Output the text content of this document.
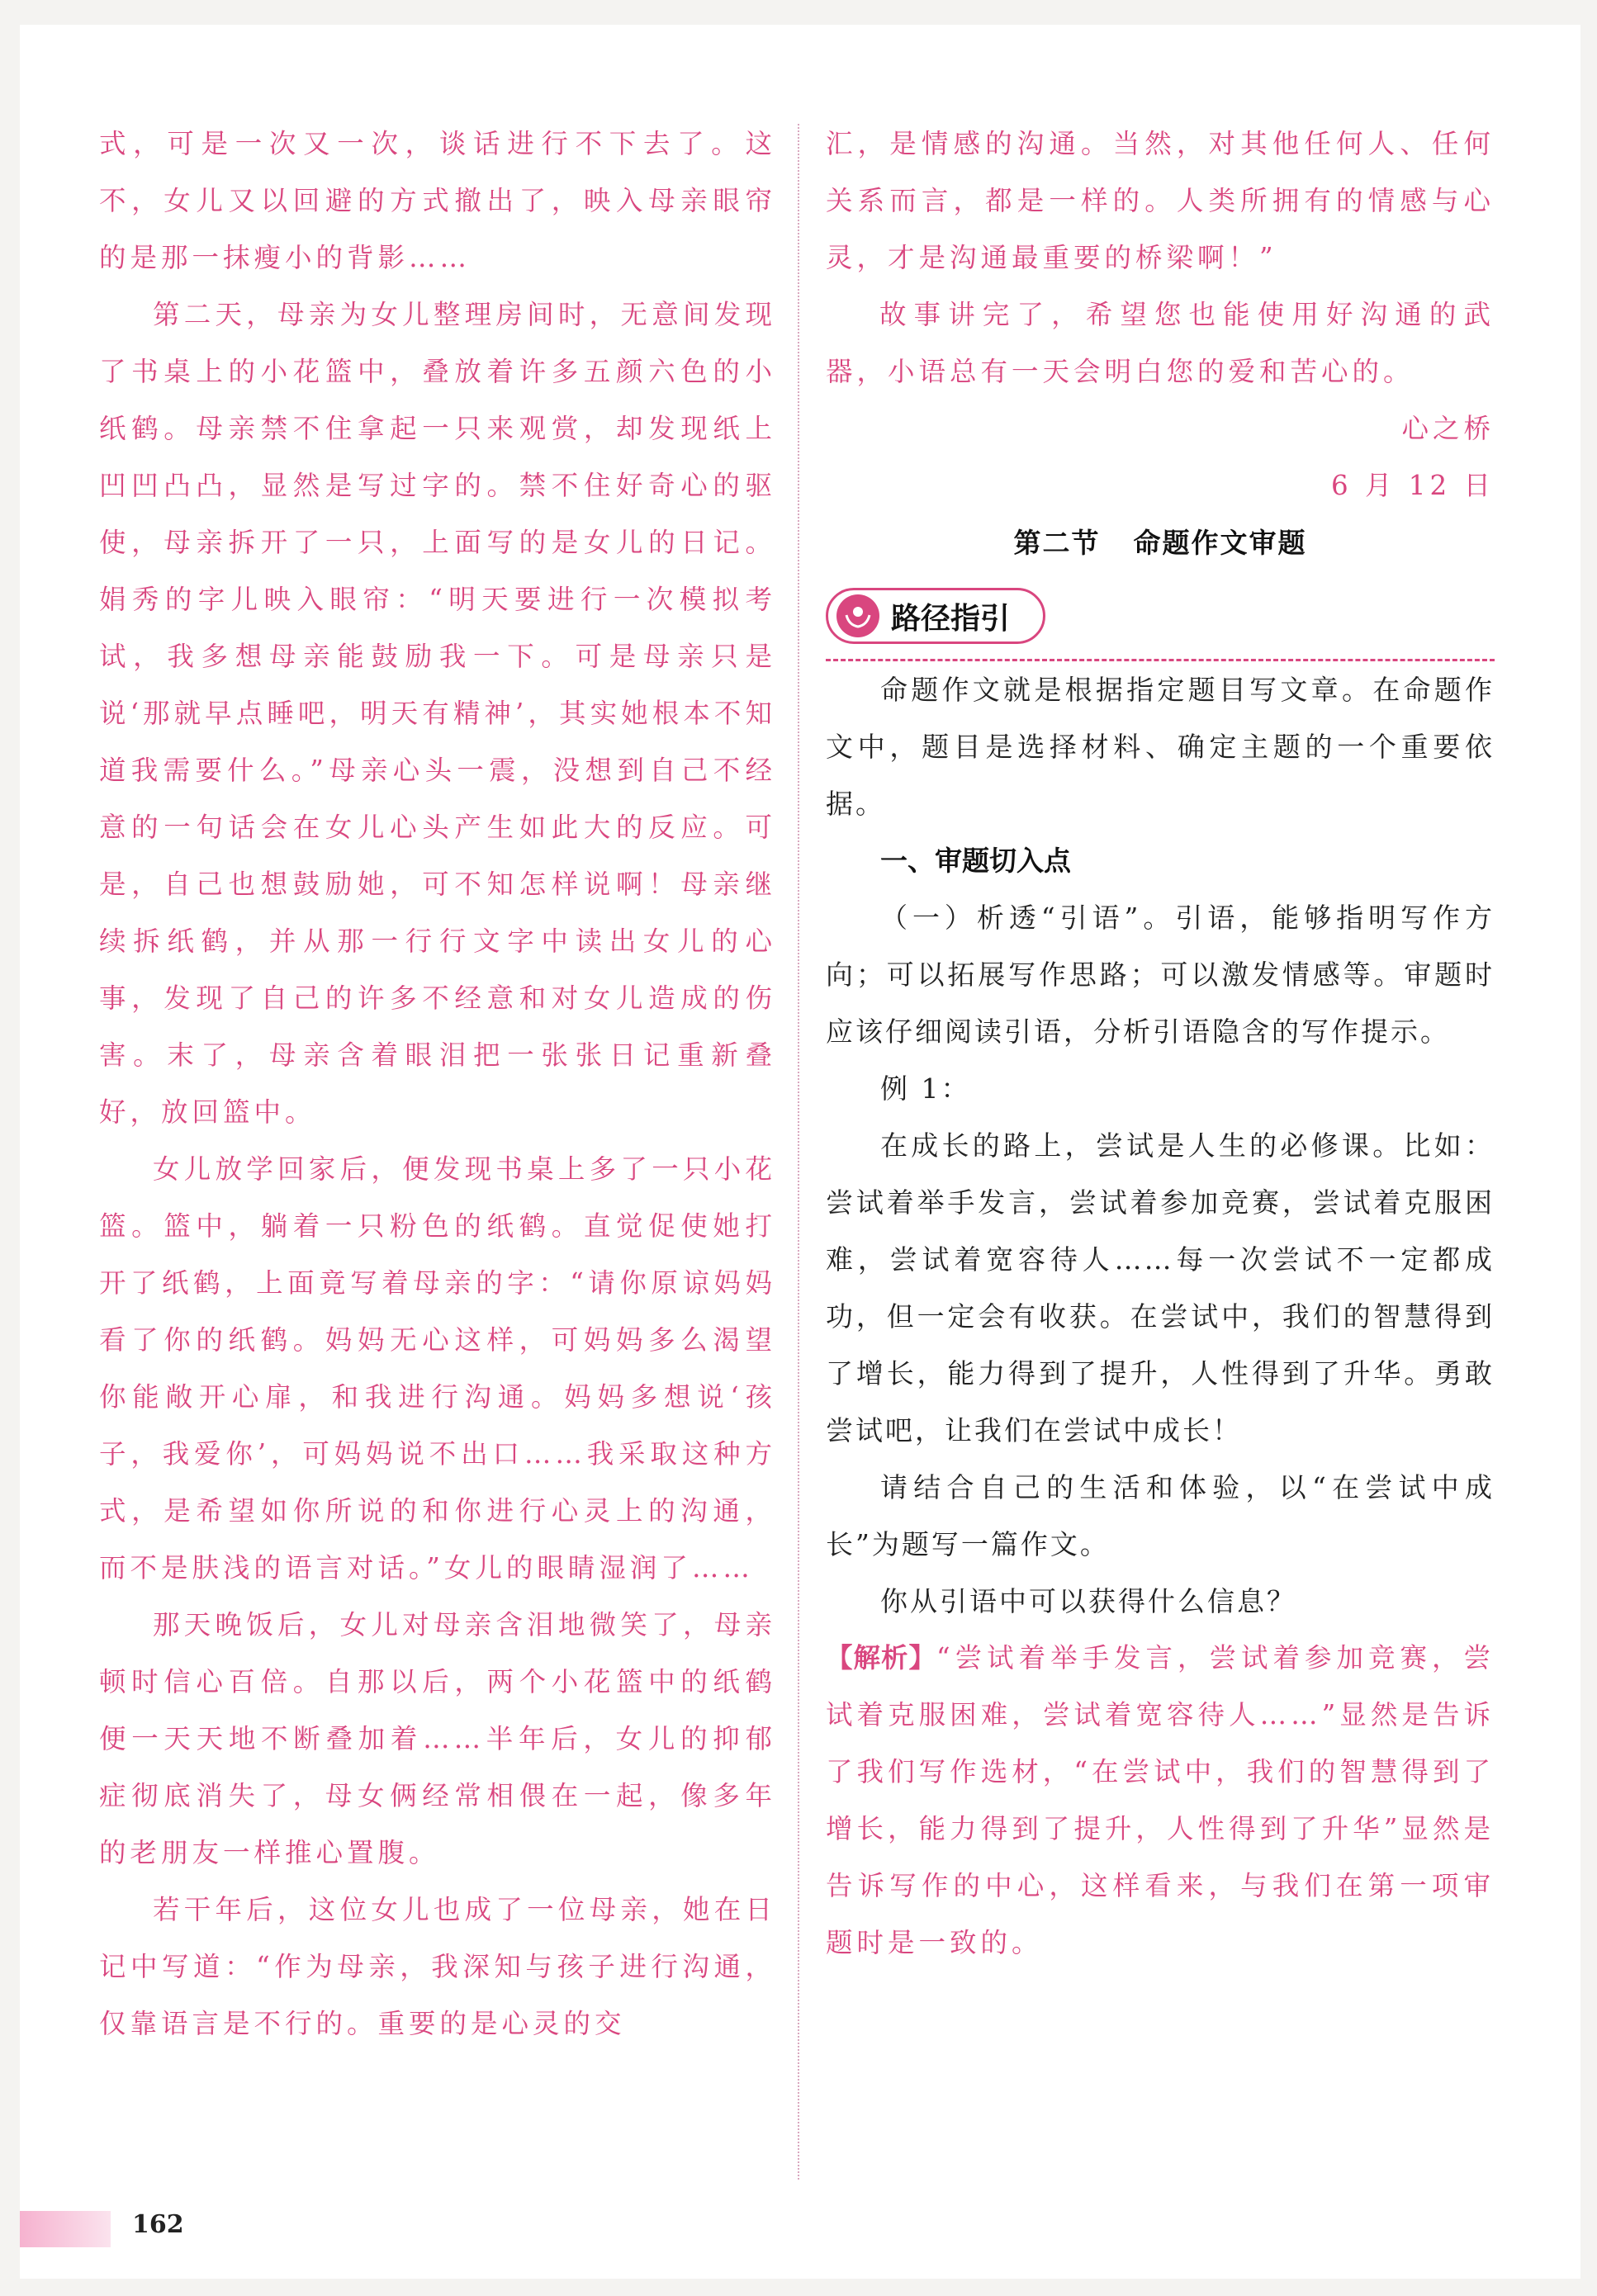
式，可是一次又一次，谈话进行不下去了。这不，女儿又以回避的方式撤出了，映入母亲眼帘的是那一抹瘦小的背影……

第二天，母亲为女儿整理房间时，无意间发现了书桌上的小花篮中，叠放着许多五颜六色的小纸鹤。母亲禁不住拿起一只来观赏，却发现纸上凹凹凸凸，显然是写过字的。禁不住好奇心的驱使，母亲拆开了一只，上面写的是女儿的日记。娟秀的字儿映入眼帘：“明天要进行一次模拟考试，我多想母亲能鼓励我一下。可是母亲只是说‘那就早点睡吧，明天有精神’，其实她根本不知道我需要什么。”母亲心头一震，没想到自己不经意的一句话会在女儿心头产生如此大的反应。可是，自己也想鼓励她，可不知怎样说啊！母亲继续拆纸鹤，并从那一行行文字中读出女儿的心事，发现了自己的许多不经意和对女儿造成的伤害。末了，母亲含着眼泪把一张张日记重新叠好，放回篮中。

女儿放学回家后，便发现书桌上多了一只小花篮。篮中，躺着一只粉色的纸鹤。直觉促使她打开了纸鹤，上面竟写着母亲的字：“请你原谅妈妈看了你的纸鹤。妈妈无心这样，可妈妈多么渴望你能敞开心扉，和我进行沟通。妈妈多想说‘孩子，我爱你’，可妈妈说不出口……我采取这种方式，是希望如你所说的和你进行心灵上的沟通，而不是肤浅的语言对话。”女儿的眼睛湿润了……

那天晚饭后，女儿对母亲含泪地微笑了，母亲顿时信心百倍。自那以后，两个小花篮中的纸鹤便一天天地不断叠加着……半年后，女儿的抑郁症彻底消失了，母女俩经常相偎在一起，像多年的老朋友一样推心置腹。

若干年后，这位女儿也成了一位母亲，她在日记中写道：“作为母亲，我深知与孩子进行沟通，仅靠语言是不行的。重要的是心灵的交

汇，是情感的沟通。当然，对其他任何人、任何关系而言，都是一样的。人类所拥有的情感与心灵，才是沟通最重要的桥梁啊！”

故事讲完了，希望您也能使用好沟通的武器，小语总有一天会明白您的爱和苦心的。

心之桥

6 月 12 日

第二节 命题作文审题

路径指引

命题作文就是根据指定题目写文章。在命题作文中，题目是选择材料、确定主题的一个重要依据。

一、审题切入点

（一）析透“引语”。引语，能够指明写作方向；可以拓展写作思路；可以激发情感等。审题时应该仔细阅读引语，分析引语隐含的写作提示。

例 1：

在成长的路上，尝试是人生的必修课。比如：尝试着举手发言，尝试着参加竞赛，尝试着克服困难，尝试着宽容待人……每一次尝试不一定都成功，但一定会有收获。在尝试中，我们的智慧得到了增长，能力得到了提升，人性得到了升华。勇敢尝试吧，让我们在尝试中成长！

请结合自己的生活和体验，以“在尝试中成长”为题写一篇作文。

你从引语中可以获得什么信息？

【解析】“尝试着举手发言，尝试着参加竞赛，尝试着克服困难，尝试着宽容待人……”显然是告诉了我们写作选材，“在尝试中，我们的智慧得到了增长，能力得到了提升，人性得到了升华”显然是告诉写作的中心，这样看来，与我们在第一项审题时是一致的。

162
